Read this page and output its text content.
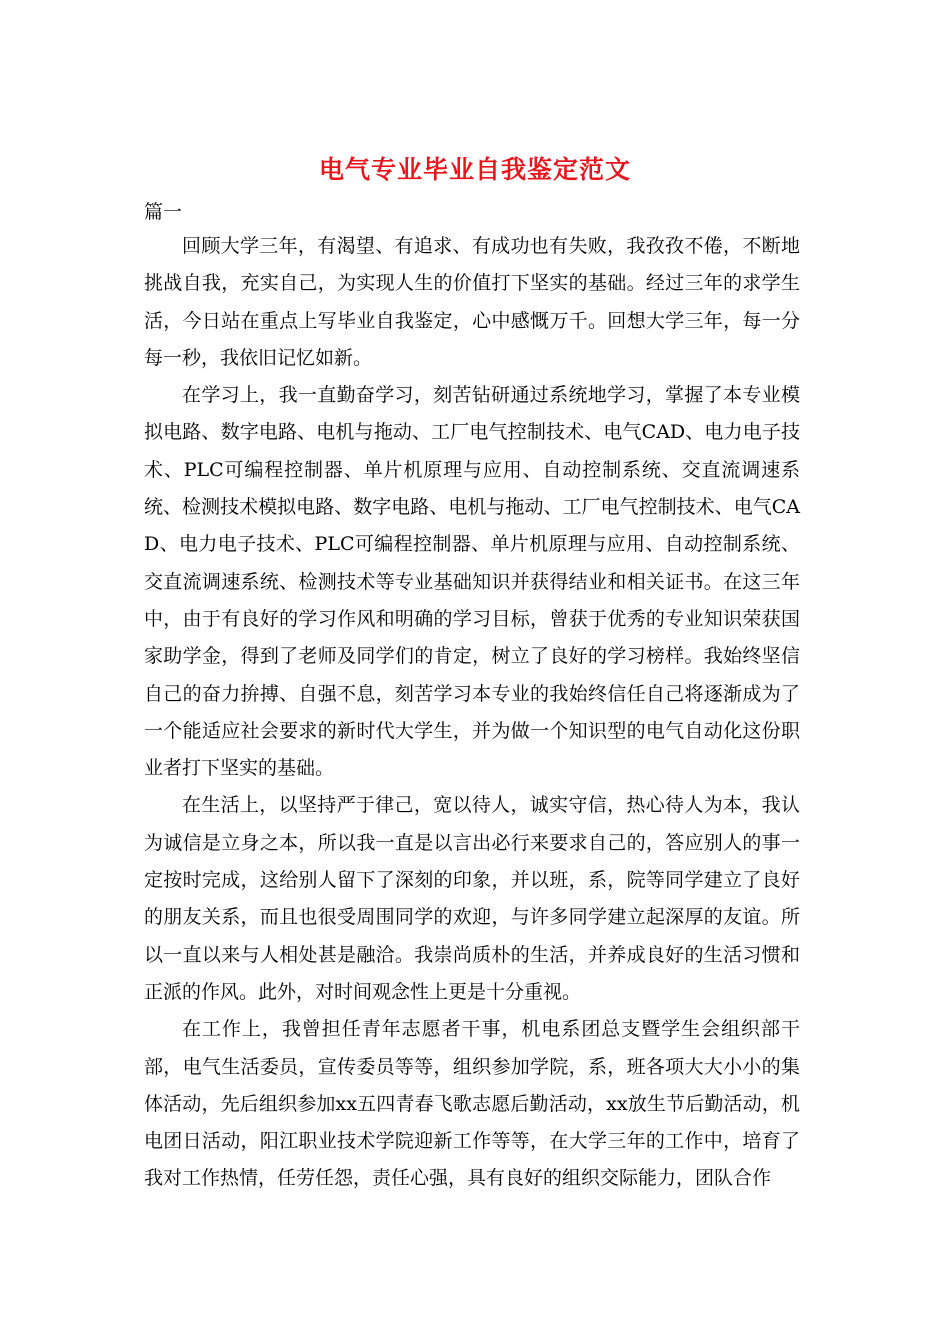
电气专业毕业自我鉴定范文
篇一

回顾大学三年，有渴望、有追求、有成功也有失败，我孜孜不倦，不断地挑战自我，充实自己，为实现人生的价值打下坚实的基础。经过三年的求学生活，今日站在重点上写毕业自我鉴定，心中感慨万千。回想大学三年，每一分每一秒，我依旧记忆如新。

在学习上，我一直勤奋学习，刻苦钻研通过系统地学习，掌握了本专业模拟电路、数字电路、电机与拖动、工厂电气控制技术、电气CAD、电力电子技术、PLC可编程控制器、单片机原理与应用、自动控制系统、交直流调速系统、检测技术模拟电路、数字电路、电机与拖动、工厂电气控制技术、电气CAD、电力电子技术、PLC可编程控制器、单片机原理与应用、自动控制系统、交直流调速系统、检测技术等专业基础知识并获得结业和相关证书。在这三年中，由于有良好的学习作风和明确的学习目标，曾获于优秀的专业知识荣获国家助学金，得到了老师及同学们的肯定，树立了良好的学习榜样。我始终坚信自己的奋力拚搏、自强不息，刻苦学习本专业的我始终信任自己将逐渐成为了一个能适应社会要求的新时代大学生，并为做一个知识型的电气自动化这份职业者打下坚实的基础。

在生活上，以坚持严于律己，宽以待人，诚实守信，热心待人为本，我认为诚信是立身之本，所以我一直是以言出必行来要求自己的，答应别人的事一定按时完成，这给别人留下了深刻的印象，并以班，系，院等同学建立了良好的朋友关系，而且也很受周围同学的欢迎，与许多同学建立起深厚的友谊。所以一直以来与人相处甚是融洽。我崇尚质朴的生活，并养成良好的生活习惯和正派的作风。此外，对时间观念性上更是十分重视。

在工作上，我曾担任青年志愿者干事，机电系团总支暨学生会组织部干部，电气生活委员，宣传委员等等，组织参加学院，系，班各项大大小小的集体活动，先后组织参加xx五四青春飞歌志愿后勤活动，xx放生节后勤活动，机电团日活动，阳江职业技术学院迎新工作等等，在大学三年的工作中，培育了我对工作热情，任劳任怨，责任心强，具有良好的组织交际能力，团队合作
